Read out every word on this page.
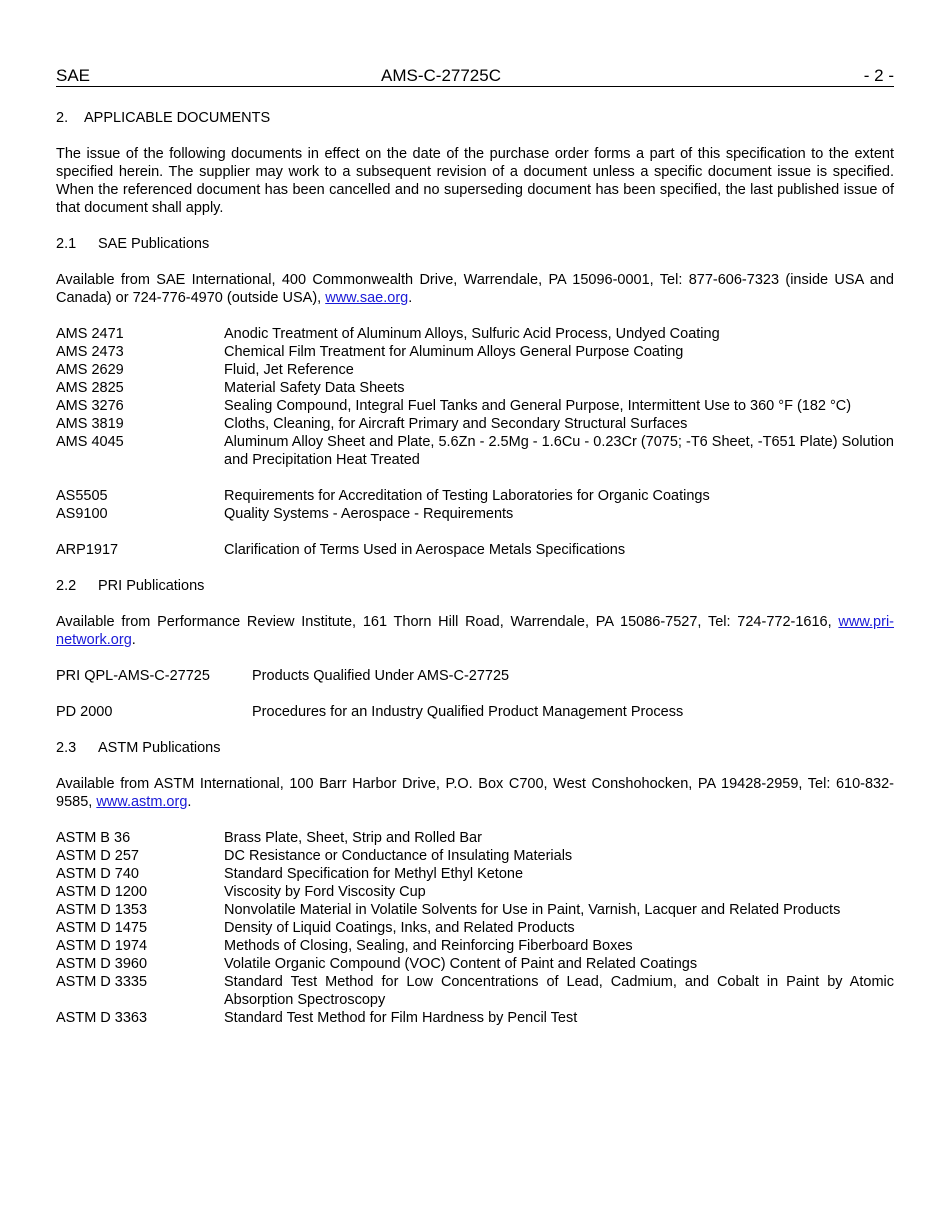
SAE	AMS-C-27725C	- 2 -
2. APPLICABLE DOCUMENTS
The issue of the following documents in effect on the date of the purchase order forms a part of this specification to the extent specified herein. The supplier may work to a subsequent revision of a document unless a specific document issue is specified. When the referenced document has been cancelled and no superseding document has been specified, the last published issue of that document shall apply.
2.1 SAE Publications
Available from SAE International, 400 Commonwealth Drive, Warrendale, PA 15096-0001, Tel: 877-606-7323 (inside USA and Canada) or 724-776-4970 (outside USA), www.sae.org.
AMS 2471	Anodic Treatment of Aluminum Alloys, Sulfuric Acid Process, Undyed Coating
AMS 2473	Chemical Film Treatment for Aluminum Alloys General Purpose Coating
AMS 2629	Fluid, Jet Reference
AMS 2825	Material Safety Data Sheets
AMS 3276	Sealing Compound, Integral Fuel Tanks and General Purpose, Intermittent Use to 360 °F (182 °C)
AMS 3819	Cloths, Cleaning, for Aircraft Primary and Secondary Structural Surfaces
AMS 4045	Aluminum Alloy Sheet and Plate, 5.6Zn - 2.5Mg - 1.6Cu - 0.23Cr (7075; -T6 Sheet, -T651 Plate) Solution and Precipitation Heat Treated
AS5505	Requirements for Accreditation of Testing Laboratories for Organic Coatings
AS9100	Quality Systems - Aerospace - Requirements
ARP1917	Clarification of Terms Used in Aerospace Metals Specifications
2.2 PRI Publications
Available from Performance Review Institute, 161 Thorn Hill Road, Warrendale, PA 15086-7527, Tel: 724-772-1616, www.pri-network.org.
PRI QPL-AMS-C-27725	Products Qualified Under AMS-C-27725
PD 2000	Procedures for an Industry Qualified Product Management Process
2.3 ASTM Publications
Available from ASTM International, 100 Barr Harbor Drive, P.O. Box C700, West Conshohocken, PA 19428-2959, Tel: 610-832-9585, www.astm.org.
ASTM B 36	Brass Plate, Sheet, Strip and Rolled Bar
ASTM D 257	DC Resistance or Conductance of Insulating Materials
ASTM D 740	Standard Specification for Methyl Ethyl Ketone
ASTM D 1200	Viscosity by Ford Viscosity Cup
ASTM D 1353	Nonvolatile Material in Volatile Solvents for Use in Paint, Varnish, Lacquer and Related Products
ASTM D 1475	Density of Liquid Coatings, Inks, and Related Products
ASTM D 1974	Methods of Closing, Sealing, and Reinforcing Fiberboard Boxes
ASTM D 3960	Volatile Organic Compound (VOC) Content of Paint and Related Coatings
ASTM D 3335	Standard Test Method for Low Concentrations of Lead, Cadmium, and Cobalt in Paint by Atomic Absorption Spectroscopy
ASTM D 3363	Standard Test Method for Film Hardness by Pencil Test
